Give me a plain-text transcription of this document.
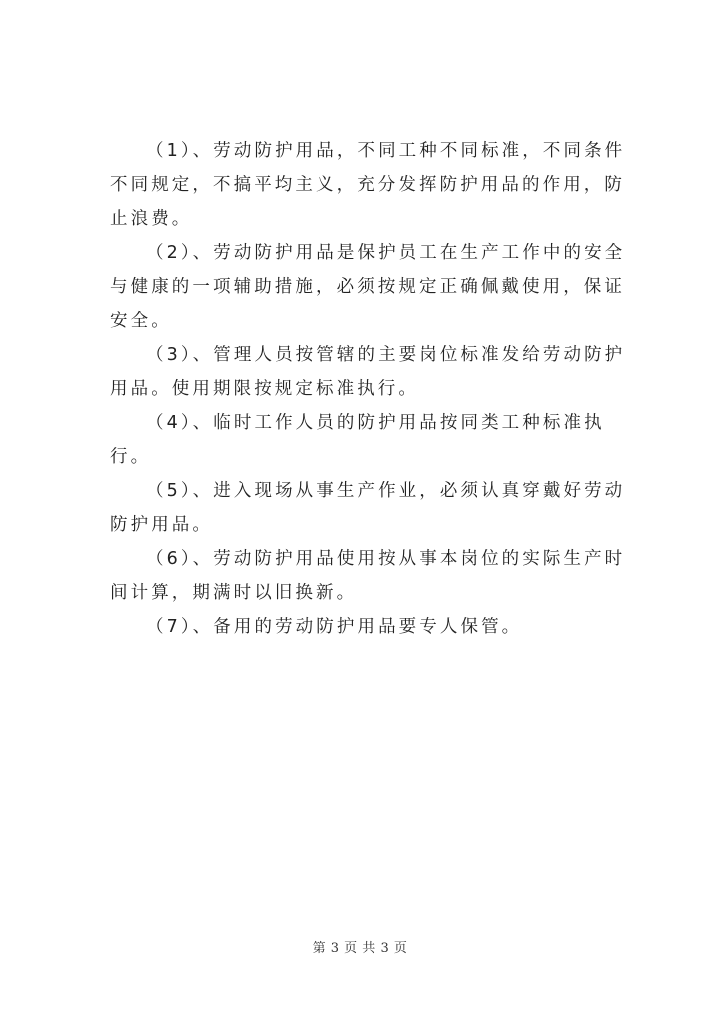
（1）、劳动防护用品，不同工种不同标准，不同条件不同规定，不搞平均主义，充分发挥防护用品的作用，防止浪费。

（2）、劳动防护用品是保护员工在生产工作中的安全与健康的一项辅助措施，必须按规定正确佩戴使用，保证安全。

（3）、管理人员按管辖的主要岗位标准发给劳动防护用品。使用期限按规定标准执行。

（4）、临时工作人员的防护用品按同类工种标准执行。

（5）、进入现场从事生产作业，必须认真穿戴好劳动防护用品。

（6）、劳动防护用品使用按从事本岗位的实际生产时间计算，期满时以旧换新。

（7）、备用的劳动防护用品要专人保管。

第 3 页 共 3 页
